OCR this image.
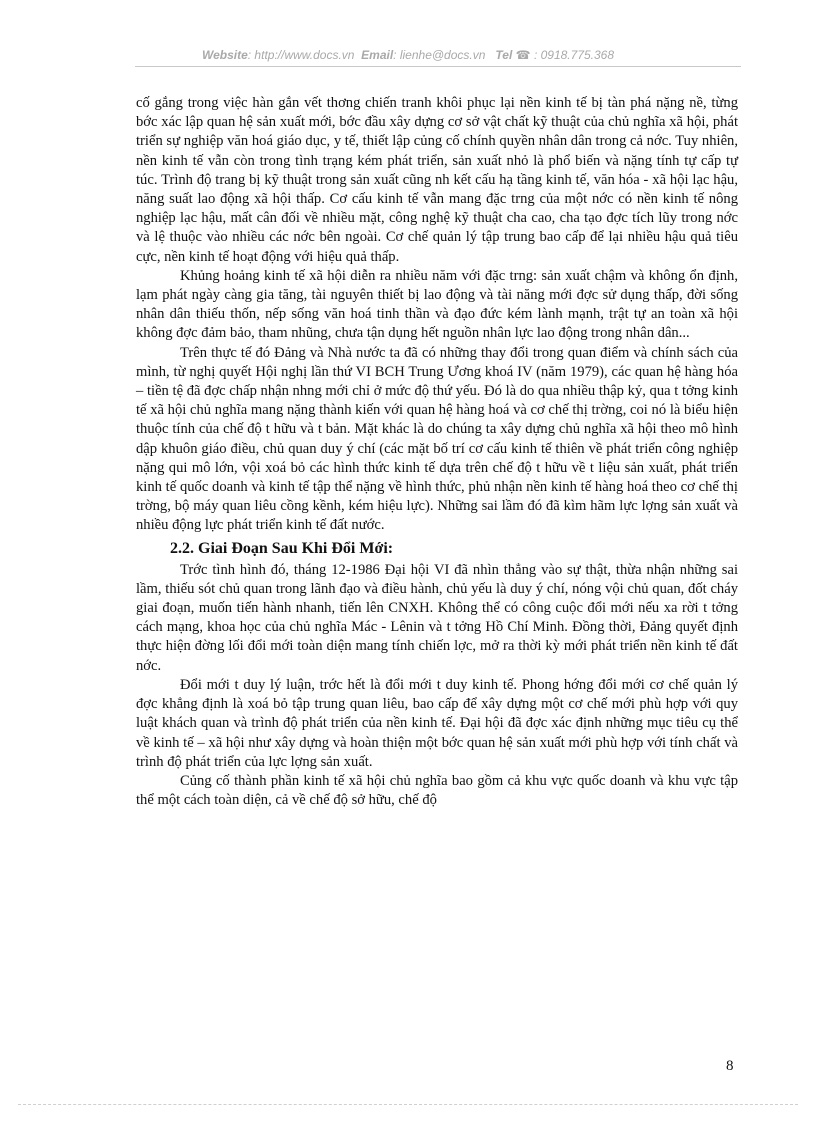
Website: http://www.docs.vn Email: lienhe@docs.vn Tel ☎ : 0918.775.368

cố gắng trong việc hàn gắn vết thơng chiến tranh khôi phục lại nền kinh tế bị tàn phá nặng nề, từng bớc xác lập quan hệ sản xuất mới, bớc đầu xây dựng cơ sở vật chất kỹ thuật của chủ nghĩa xã hội, phát triển sự nghiệp văn hoá giáo dục, y tế, thiết lập củng cố chính quyền nhân dân trong cả nớc. Tuy nhiên, nền kinh tế vẫn còn trong tình trạng kém phát triển, sản xuất nhỏ là phổ biến và nặng tính tự cấp tự túc. Trình độ trang bị kỹ thuật trong sản xuất cũng nh kết cấu hạ tầng kinh tế, văn hóa - xã hội lạc hậu, năng suất lao động xã hội thấp. Cơ cấu kinh tế vẫn mang đặc trng của một nớc có nền kinh tế nông nghiệp lạc hậu, mất cân đối về nhiều mặt, công nghệ kỹ thuật cha cao, cha tạo đợc tích lũy trong nớc và lệ thuộc vào nhiều các nớc bên ngoài. Cơ chế quản lý tập trung bao cấp để lại nhiều hậu quả tiêu cực, nền kinh tế hoạt động với hiệu quả thấp.

Khủng hoảng kinh tế xã hội diễn ra nhiều năm với đặc trng: sản xuất chậm và không ổn định, lạm phát ngày càng gia tăng, tài nguyên thiết bị lao động và tài năng mới đợc sử dụng thấp, đời sống nhân dân thiếu thốn, nếp sống văn hoá tinh thần và đạo đức kém lành mạnh, trật tự an toàn xã hội không đợc đảm bảo, tham nhũng, chưa tận dụng hết nguồn nhân lực lao động trong nhân dân...

Trên thực tế đó Đảng và Nhà nước ta đã có những thay đổi trong quan điểm và chính sách của mình, từ nghị quyết Hội nghị lần thứ VI BCH Trung Ương khoá IV (năm 1979), các quan hệ hàng hóa – tiền tệ đã đợc chấp nhận nhng mới chỉ ở mức độ thứ yếu. Đó là do qua nhiều thập kỷ, qua t tởng kinh tế xã hội chủ nghĩa mang nặng thành kiến với quan hệ hàng hoá và cơ chế thị trờng, coi nó là biểu hiện thuộc tính của chế độ t hữu và t bản. Mặt khác là do chúng ta xây dựng chủ nghĩa xã hội theo mô hình dập khuôn giáo điều, chủ quan duy ý chí (các mặt bố trí cơ cấu kinh tế thiên về phát triển công nghiệp nặng qui mô lớn, vội xoá bỏ các hình thức kinh tế dựa trên chế độ t hữu về t liệu sản xuất, phát triển kinh tế quốc doanh và kinh tế tập thể nặng về hình thức, phủ nhận nền kinh tế hàng hoá theo cơ chế thị trờng, bộ máy quan liêu cồng kềnh, kém hiệu lực). Những sai lầm đó đã kìm hãm lực lợng sản xuất và nhiều động lực phát triển kinh tế đất nước.

2.2. Giai Đoạn Sau Khi Đổi Mới:

Trớc tình hình đó, tháng 12-1986 Đại hội VI đã nhìn thẳng vào sự thật, thừa nhận những sai lầm, thiếu sót chủ quan trong lãnh đạo và điều hành, chủ yếu là duy ý chí, nóng vội chủ quan, đốt cháy giai đoạn, muốn tiến hành nhanh, tiến lên CNXH. Không thể có công cuộc đổi mới nếu xa rời t tởng cách mạng, khoa học của chủ nghĩa Mác - Lênin và t tởng Hồ Chí Minh. Đồng thời, Đảng quyết định thực hiện đờng lối đổi mới toàn diện mang tính chiến lợc, mở ra thời kỳ mới phát triển nền kinh tế đất nớc.

Đổi mới t duy lý luận, trớc hết là đổi mới t duy kinh tế. Phong hớng đổi mới cơ chế quản lý đợc khẳng định là xoá bỏ tập trung quan liêu, bao cấp để xây dựng một cơ chế mới phù hợp với quy luật khách quan và trình độ phát triển của nền kinh tế. Đại hội đã đợc xác định những mục tiêu cụ thể về kinh tế – xã hội như xây dựng và hoàn thiện một bớc quan hệ sản xuất mới phù hợp với tính chất và trình độ phát triển của lực lợng sản xuất.

Củng cố thành phần kinh tế xã hội chủ nghĩa bao gồm cả khu vực quốc doanh và khu vực tập thể một cách toàn diện, cả về chế độ sở hữu, chế độ

8
